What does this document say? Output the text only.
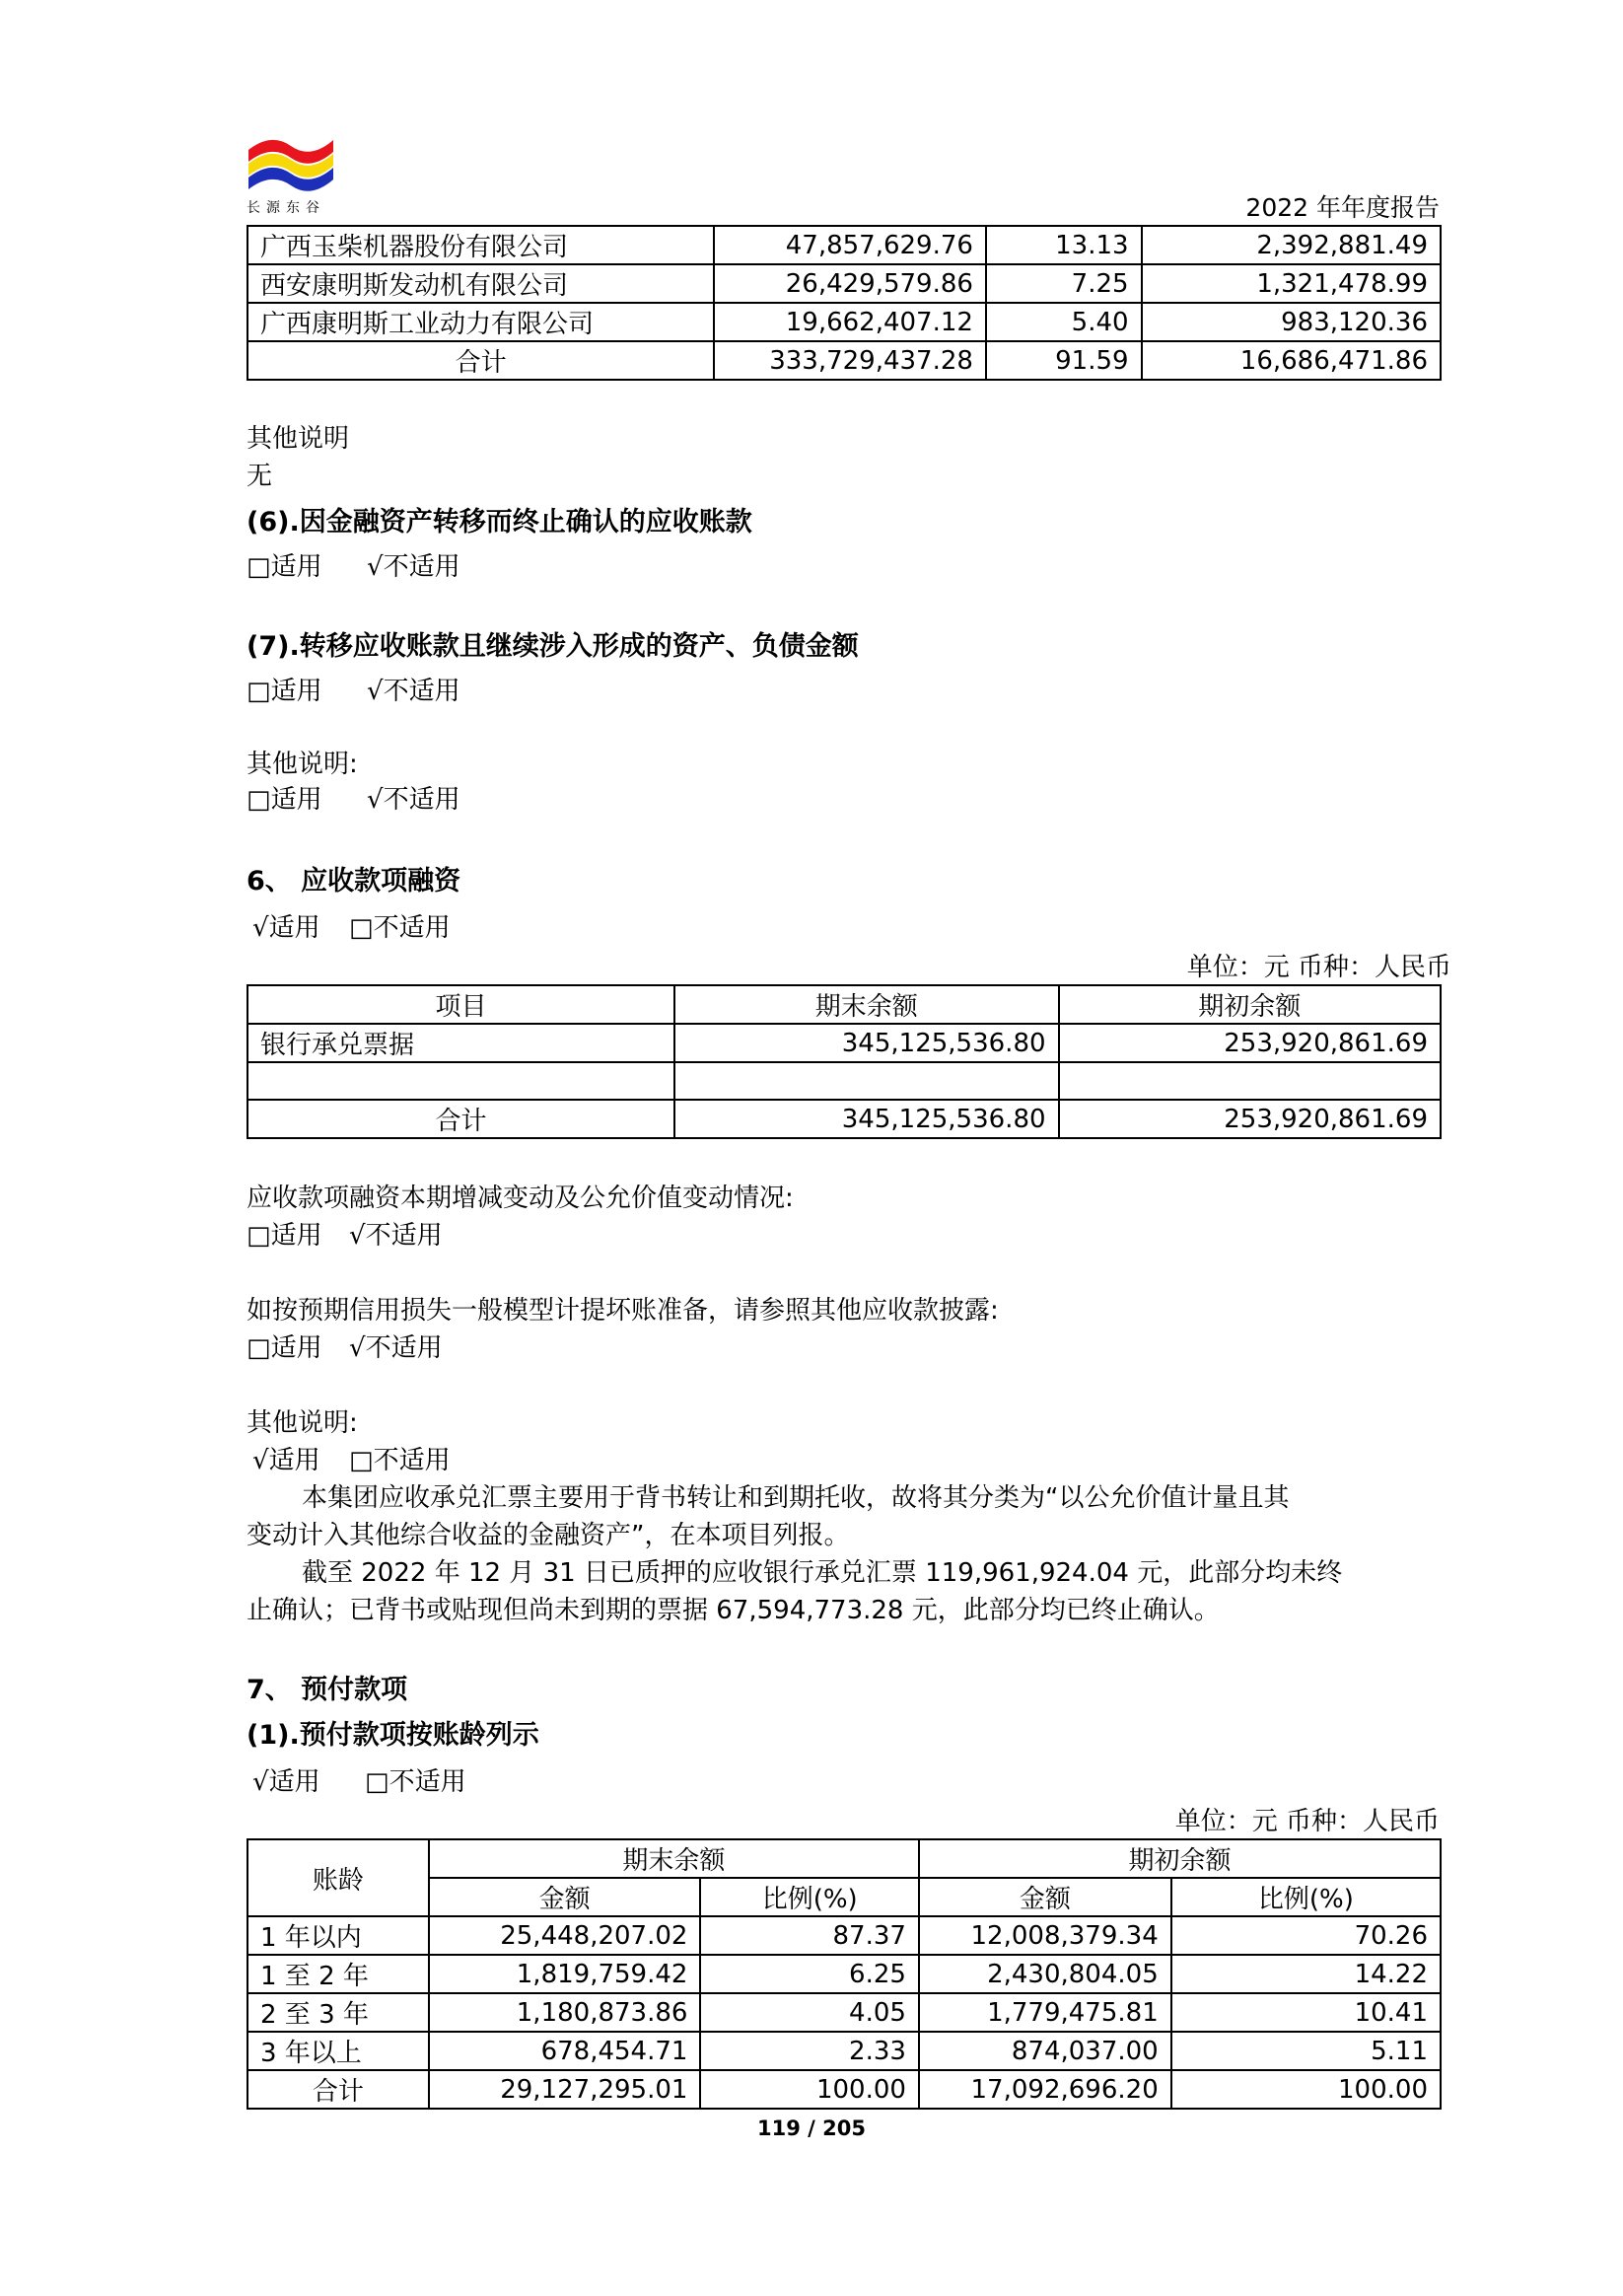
长源东谷	2022 年年度报告
广西玉柴机器股份有限公司	47,857,629.76	13.13	2,392,881.49
西安康明斯发动机有限公司	26,429,579.86	7.25	1,321,478.99
广西康明斯工业动力有限公司	19,662,407.12	5.40	983,120.36
合计	333,729,437.28	91.59	16,686,471.86
其他说明
无
(6).因金融资产转移而终止确认的应收账款
□适用 √不适用
(7).转移应收账款且继续涉入形成的资产、负债金额
□适用 √不适用
其他说明:
□适用 √不适用
6、 应收款项融资
√适用 □不适用
单位：元 币种：人民币
项目	期末余额	期初余额
银行承兑票据	345,125,536.80	253,920,861.69

合计	345,125,536.80	253,920,861.69
应收款项融资本期增减变动及公允价值变动情况:
□适用 √不适用
如按预期信用损失一般模型计提坏账准备，请参照其他应收款披露:
□适用 √不适用
其他说明:
√适用 □不适用
本集团应收承兑汇票主要用于背书转让和到期托收，故将其分类为“以公允价值计量且其
变动计入其他综合收益的金融资产”，在本项目列报。
截至 2022 年 12 月 31 日已质押的应收银行承兑汇票 119,961,924.04 元，此部分均未终
止确认；已背书或贴现但尚未到期的票据 67,594,773.28 元，此部分均已终止确认。
7、 预付款项
(1).预付款项按账龄列示
√适用 □不适用
单位：元 币种：人民币
账龄	期末余额		期初余额	
	金额	比例(%)	金额	比例(%)
1 年以内	25,448,207.02	87.37	12,008,379.34	70.26
1 至 2 年	1,819,759.42	6.25	2,430,804.05	14.22
2 至 3 年	1,180,873.86	4.05	1,779,475.81	10.41
3 年以上	678,454.71	2.33	874,037.00	5.11
合计	29,127,295.01	100.00	17,092,696.20	100.00
119 / 205
